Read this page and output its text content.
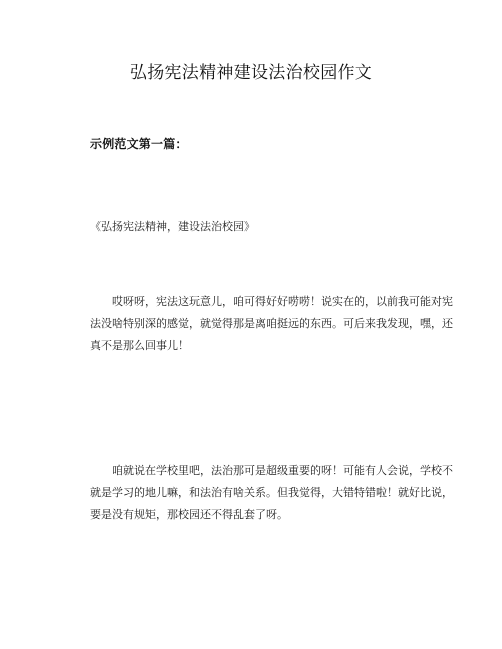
弘扬宪法精神建设法治校园作文
示例范文第一篇：
《弘扬宪法精神，建设法治校园》
　　哎呀呀，宪法这玩意儿，咱可得好好唠唠！说实在的，以前我可能对宪
法没啥特别深的感觉，就觉得那是离咱挺远的东西。可后来我发现，嘿，还
真不是那么回事儿！
　　咱就说在学校里吧，法治那可是超级重要的呀！可能有人会说，学校不
就是学习的地儿嘛，和法治有啥关系。但我觉得，大错特错啦！就好比说，
要是没有规矩，那校园还不得乱套了呀。
